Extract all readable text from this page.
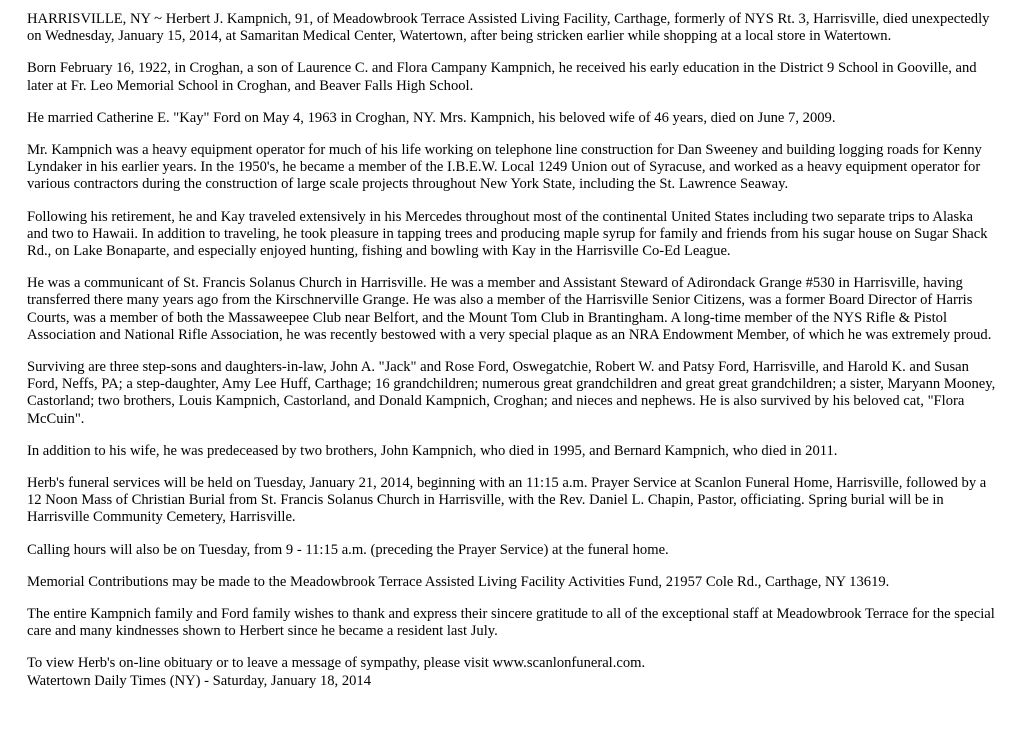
HARRISVILLE, NY ~ Herbert J. Kampnich, 91, of Meadowbrook Terrace Assisted Living Facility, Carthage, formerly of NYS Rt. 3, Harrisville, died unexpectedly on Wednesday, January 15, 2014, at Samaritan Medical Center, Watertown, after being stricken earlier while shopping at a local store in Watertown.

Born February 16, 1922, in Croghan, a son of Laurence C. and Flora Campany Kampnich, he received his early education in the District 9 School in Gooville, and later at Fr. Leo Memorial School in Croghan, and Beaver Falls High School.

He married Catherine E. "Kay" Ford on May 4, 1963 in Croghan, NY. Mrs. Kampnich, his beloved wife of 46 years, died on June 7, 2009.

Mr. Kampnich was a heavy equipment operator for much of his life working on telephone line construction for Dan Sweeney and building logging roads for Kenny Lyndaker in his earlier years. In the 1950's, he became a member of the I.B.E.W. Local 1249 Union out of Syracuse, and worked as a heavy equipment operator for various contractors during the construction of large scale projects throughout New York State, including the St. Lawrence Seaway.

Following his retirement, he and Kay traveled extensively in his Mercedes throughout most of the continental United States including two separate trips to Alaska and two to Hawaii. In addition to traveling, he took pleasure in tapping trees and producing maple syrup for family and friends from his sugar house on Sugar Shack Rd., on Lake Bonaparte, and especially enjoyed hunting, fishing and bowling with Kay in the Harrisville Co-Ed League.

He was a communicant of St. Francis Solanus Church in Harrisville. He was a member and Assistant Steward of Adirondack Grange #530 in Harrisville, having transferred there many years ago from the Kirschnerville Grange. He was also a member of the Harrisville Senior Citizens, was a former Board Director of Harris Courts, was a member of both the Massaweepee Club near Belfort, and the Mount Tom Club in Brantingham. A long-time member of the NYS Rifle & Pistol Association and National Rifle Association, he was recently bestowed with a very special plaque as an NRA Endowment Member, of which he was extremely proud.

Surviving are three step-sons and daughters-in-law, John A. "Jack" and Rose Ford, Oswegatchie, Robert W. and Patsy Ford, Harrisville, and Harold K. and Susan Ford, Neffs, PA; a step-daughter, Amy Lee Huff, Carthage; 16 grandchildren; numerous great grandchildren and great great grandchildren; a sister, Maryann Mooney, Castorland; two brothers, Louis Kampnich, Castorland, and Donald Kampnich, Croghan; and nieces and nephews. He is also survived by his beloved cat, "Flora McCuin".

In addition to his wife, he was predeceased by two brothers, John Kampnich, who died in 1995, and Bernard Kampnich, who died in 2011.

Herb's funeral services will be held on Tuesday, January 21, 2014, beginning with an 11:15 a.m. Prayer Service at Scanlon Funeral Home, Harrisville, followed by a 12 Noon Mass of Christian Burial from St. Francis Solanus Church in Harrisville, with the Rev. Daniel L. Chapin, Pastor, officiating. Spring burial will be in Harrisville Community Cemetery, Harrisville.

Calling hours will also be on Tuesday, from 9 - 11:15 a.m. (preceding the Prayer Service) at the funeral home.

Memorial Contributions may be made to the Meadowbrook Terrace Assisted Living Facility Activities Fund, 21957 Cole Rd., Carthage, NY 13619.

The entire Kampnich family and Ford family wishes to thank and express their sincere gratitude to all of the exceptional staff at Meadowbrook Terrace for the special care and many kindnesses shown to Herbert since he became a resident last July.

To view Herb's on-line obituary or to leave a message of sympathy, please visit www.scanlonfuneral.com.

Watertown Daily Times (NY) - Saturday, January 18, 2014
